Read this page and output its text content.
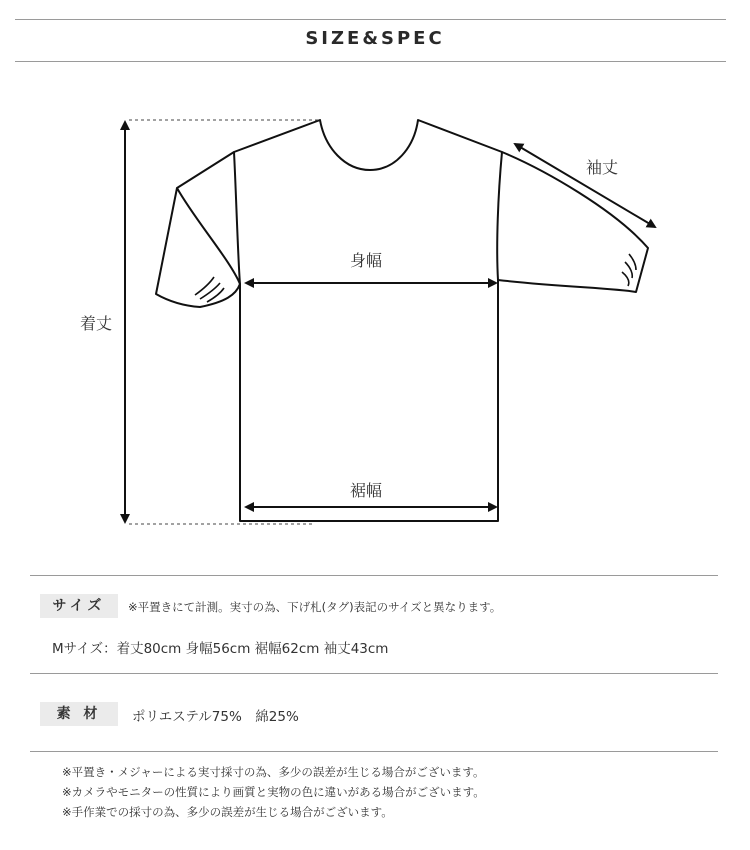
SIZE&SPEC
着丈
身幅
裾幅
袖丈
サイズ	※平置きにて計測。実寸の為、下げ札(タグ)表記のサイズと異なります。
Mサイズ：着丈80cm 身幅56cm 裾幅62cm 袖丈43cm
素 材	ポリエステル75%　綿25%
※平置き・メジャーによる実寸採寸の為、多少の誤差が生じる場合がございます。
※カメラやモニターの性質により画質と実物の色に違いがある場合がございます。
※手作業での採寸の為、多少の誤差が生じる場合がございます。
